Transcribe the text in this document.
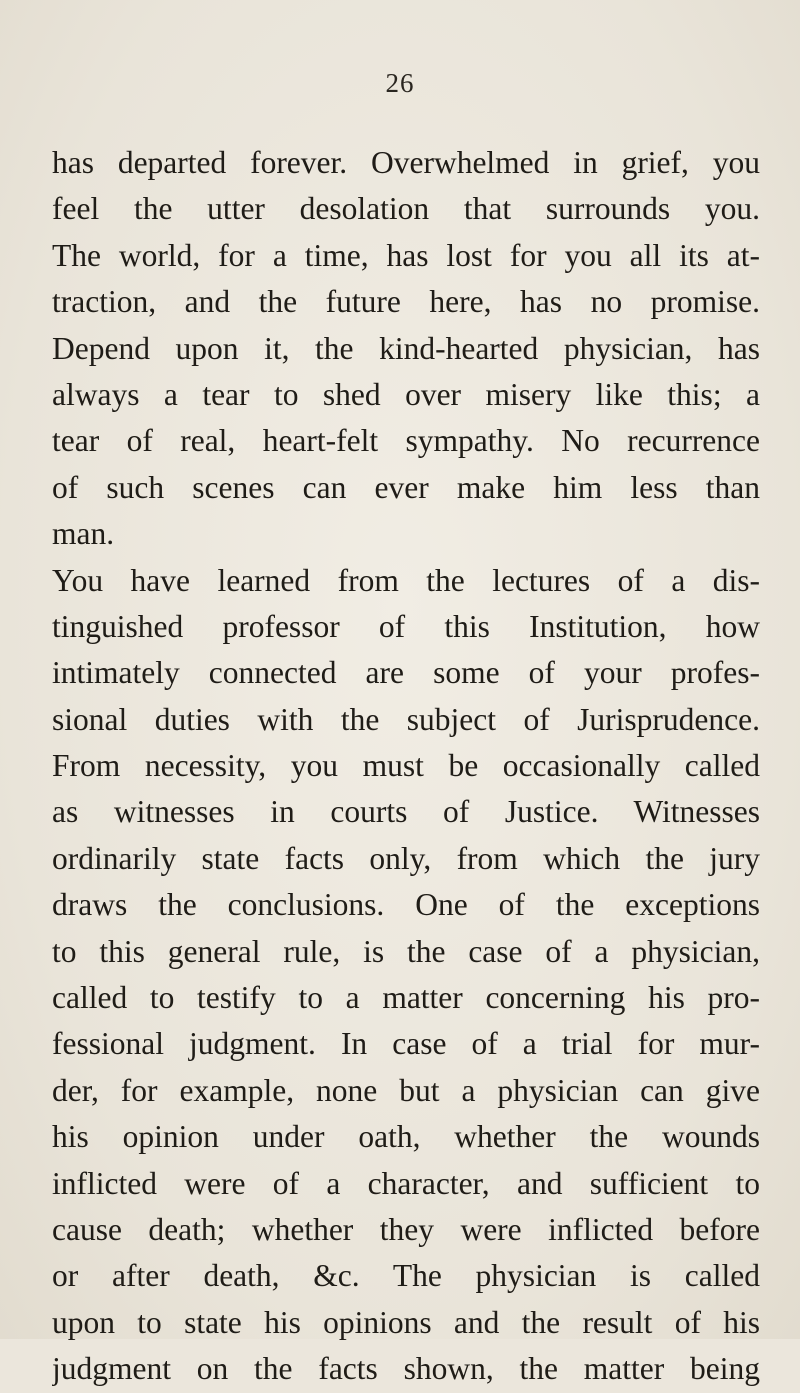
26
has departed forever. Overwhelmed in grief, you
feel the utter desolation that surrounds you.
The world, for a time, has lost for you all its at-
traction, and the future here, has no promise.
Depend upon it, the kind-hearted physician, has
always a tear to shed over misery like this; a
tear of real, heart-felt sympathy. No recurrence
of such scenes can ever make him less than
man.
You have learned from the lectures of a dis-
tinguished professor of this Institution, how
intimately connected are some of your profes-
sional duties with the subject of Jurisprudence.
From necessity, you must be occasionally called
as witnesses in courts of Justice. Witnesses
ordinarily state facts only, from which the jury
draws the conclusions. One of the exceptions
to this general rule, is the case of a physician,
called to testify to a matter concerning his pro-
fessional judgment. In case of a trial for mur-
der, for example, none but a physician can give
his opinion under oath, whether the wounds
inflicted were of a character, and sufficient to
cause death; whether they were inflicted before
or after death, &c. The physician is called
upon to state his opinions and the result of his
judgment on the facts shown, the matter being
